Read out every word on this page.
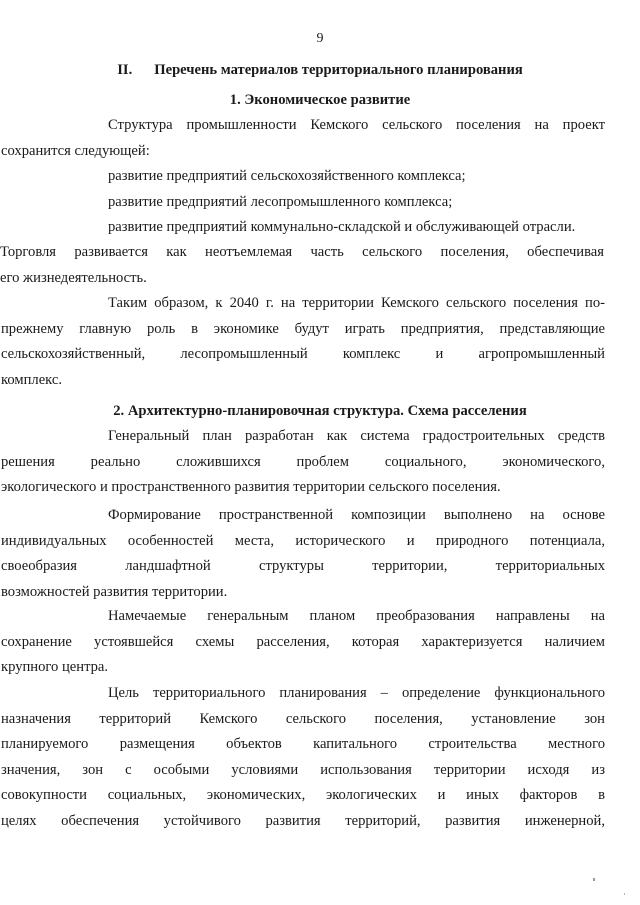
9
II. Перечень материалов территориального планирования
1. Экономическое развитие
Структура промышленности Кемского сельского поселения на проект
сохранится следующей:
развитие предприятий сельскохозяйственного комплекса;
развитие предприятий лесопромышленного комплекса;
развитие предприятий коммунально-складской и обслуживающей отрасли.
Торговля развивается как неотъемлемая часть сельского поселения, обеспечивая
его жизнедеятельность.
Таким образом, к 2040 г. на территории Кемского сельского поселения по-
прежнему главную роль в экономике будут играть предприятия, представляющие
сельскохозяйственный, лесопромышленный комплекс и агропромышленный
комплекс.
2. Архитектурно-планировочная структура. Схема расселения
Генеральный план разработан как система градостроительных средств
решения реально сложившихся проблем социального, экономического,
экологического и пространственного развития территории сельского поселения.
Формирование пространственной композиции выполнено на основе
индивидуальных особенностей места, исторического и природного потенциала,
своеобразия ландшафтной структуры территории, территориальных
возможностей развития территории.
Намечаемые генеральным планом преобразования направлены на
сохранение устоявшейся схемы расселения, которая характеризуется наличием
крупного центра.
Цель территориального планирования – определение функционального
назначения территорий Кемского сельского поселения, установление зон
планируемого размещения объектов капитального строительства местного
значения, зон с особыми условиями использования территории исходя из
совокупности социальных, экономических, экологических и иных факторов в
целях обеспечения устойчивого развития территорий, развития инженерной,
